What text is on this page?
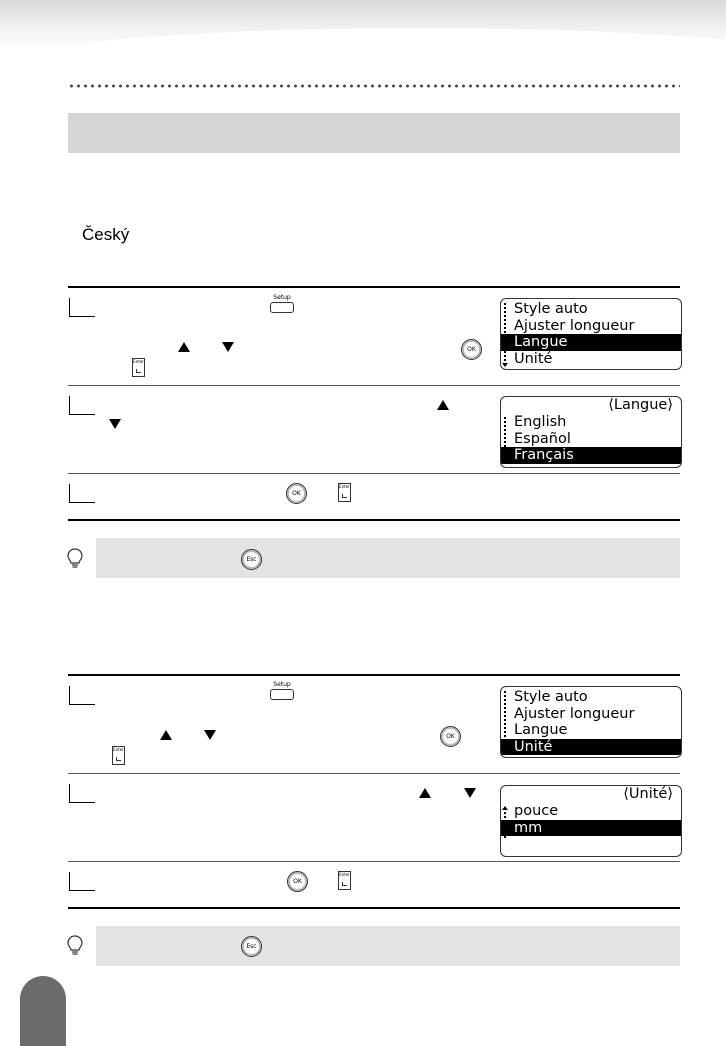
Český
Setup
OK
Enter
Style auto
Ajuster longueur
Langue
Unité
⟨Langue⟩
English
Español
Français
OK
Enter
Esc
Setup
OK
Enter
Style auto
Ajuster longueur
Langue
Unité
⟨Unité⟩
pouce
mm
OK
Enter
Esc
